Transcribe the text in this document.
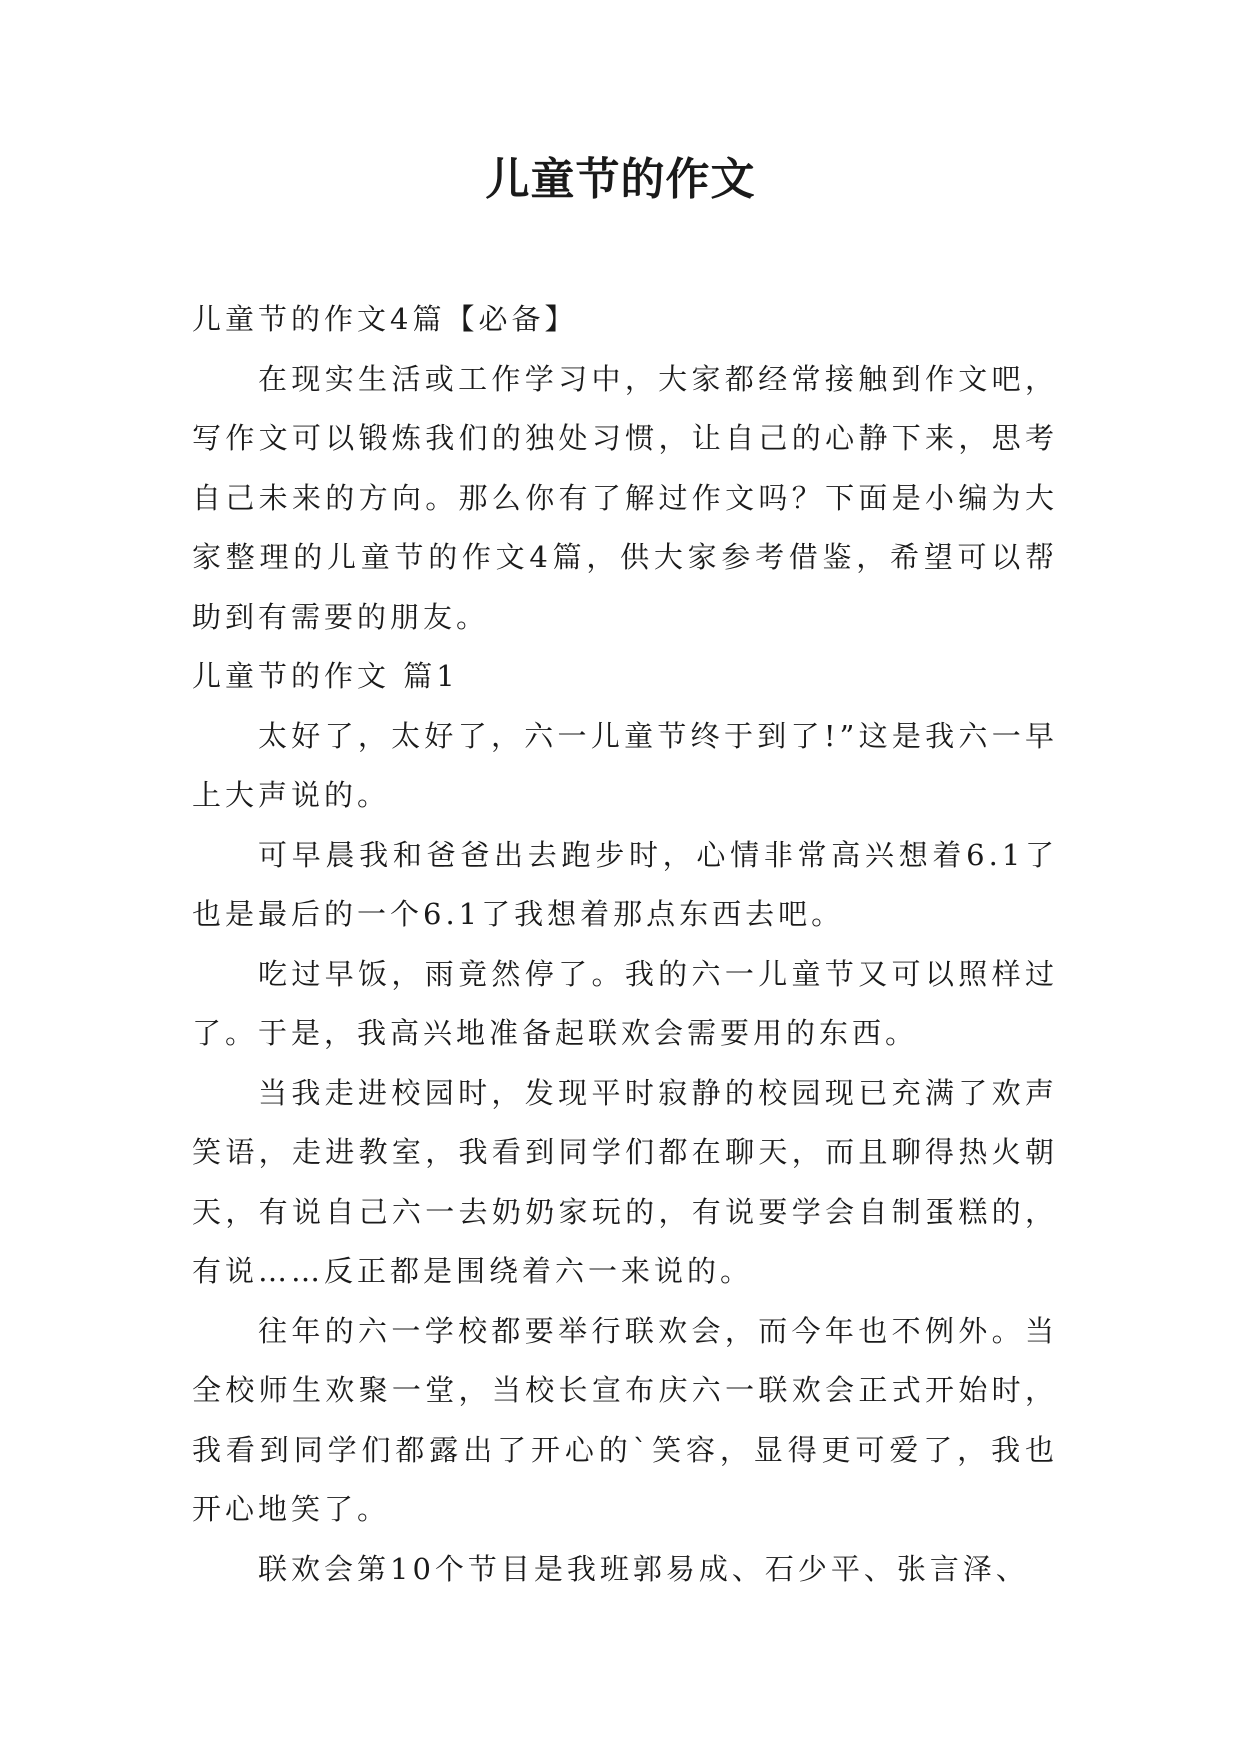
儿童节的作文

儿童节的作文4篇【必备】

在现实生活或工作学习中，大家都经常接触到作文吧，写作文可以锻炼我们的独处习惯，让自己的心静下来，思考自己未来的方向。那么你有了解过作文吗？下面是小编为大家整理的儿童节的作文4篇，供大家参考借鉴，希望可以帮助到有需要的朋友。

儿童节的作文 篇1

太好了，太好了，六一儿童节终于到了!”这是我六一早上大声说的。

可早晨我和爸爸出去跑步时，心情非常高兴想着6.1了也是最后的一个6.1了我想着那点东西去吧。

吃过早饭，雨竟然停了。我的六一儿童节又可以照样过了。于是，我高兴地准备起联欢会需要用的东西。

当我走进校园时，发现平时寂静的校园现已充满了欢声笑语，走进教室，我看到同学们都在聊天，而且聊得热火朝天，有说自己六一去奶奶家玩的，有说要学会自制蛋糕的，有说……反正都是围绕着六一来说的。

往年的六一学校都要举行联欢会，而今年也不例外。当全校师生欢聚一堂，当校长宣布庆六一联欢会正式开始时，我看到同学们都露出了开心的`笑容，显得更可爱了，我也开心地笑了。

联欢会第10个节目是我班郭易成、石少平、张言泽、
